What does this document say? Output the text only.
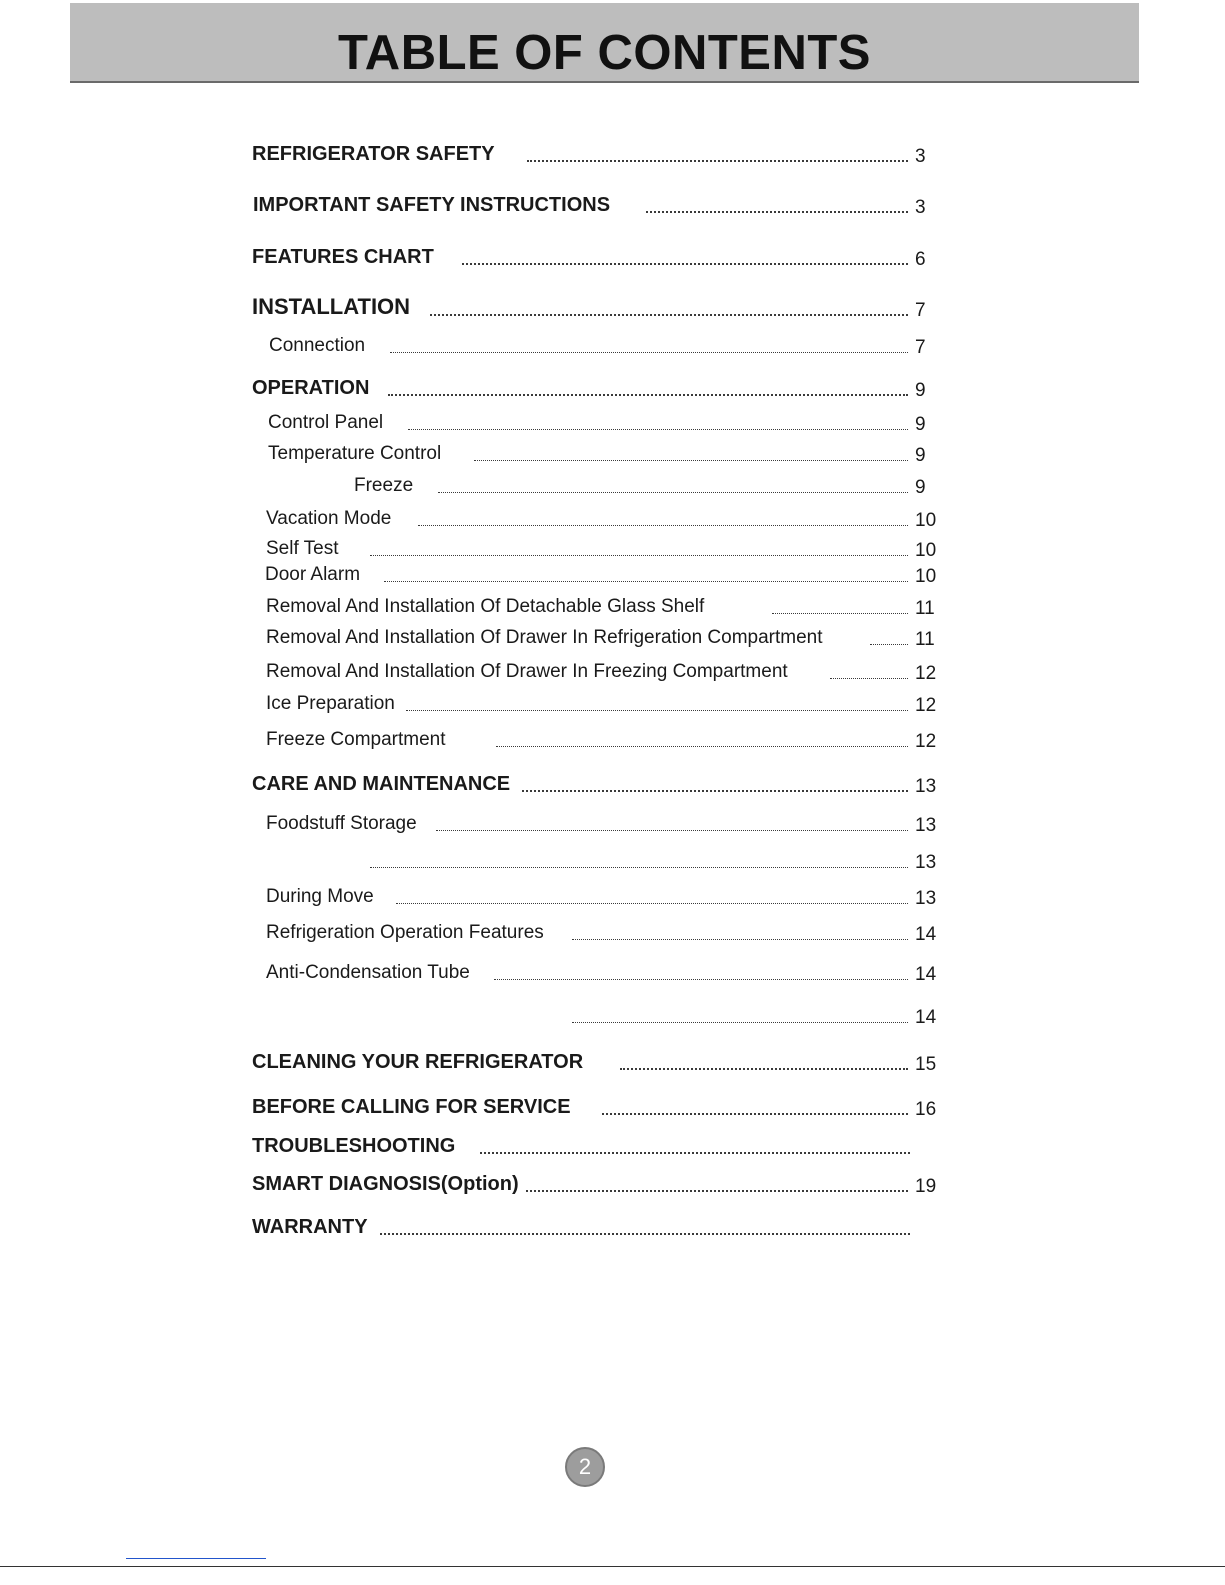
TABLE OF CONTENTS
REFRIGERATOR SAFETY	3
IMPORTANT SAFETY INSTRUCTIONS	3
FEATURES CHART	6
INSTALLATION	7
Connection	7
OPERATION	9
Control Panel	9
Temperature Control	9
Freeze	9
Vacation Mode	10
Self Test	10
Door Alarm	10
Removal And Installation Of Detachable Glass Shelf	11
Removal And Installation Of Drawer In Refrigeration Compartment	11
Removal And Installation Of Drawer In Freezing Compartment	12
Ice Preparation	12
Freeze Compartment	12
CARE AND MAINTENANCE	13
Foodstuff Storage	13
13
During Move	13
Refrigeration Operation Features	14
Anti-Condensation Tube	14
14
CLEANING YOUR REFRIGERATOR	15
BEFORE CALLING FOR SERVICE	16
TROUBLESHOOTING
SMART DIAGNOSIS(Option)	19
WARRANTY
2
